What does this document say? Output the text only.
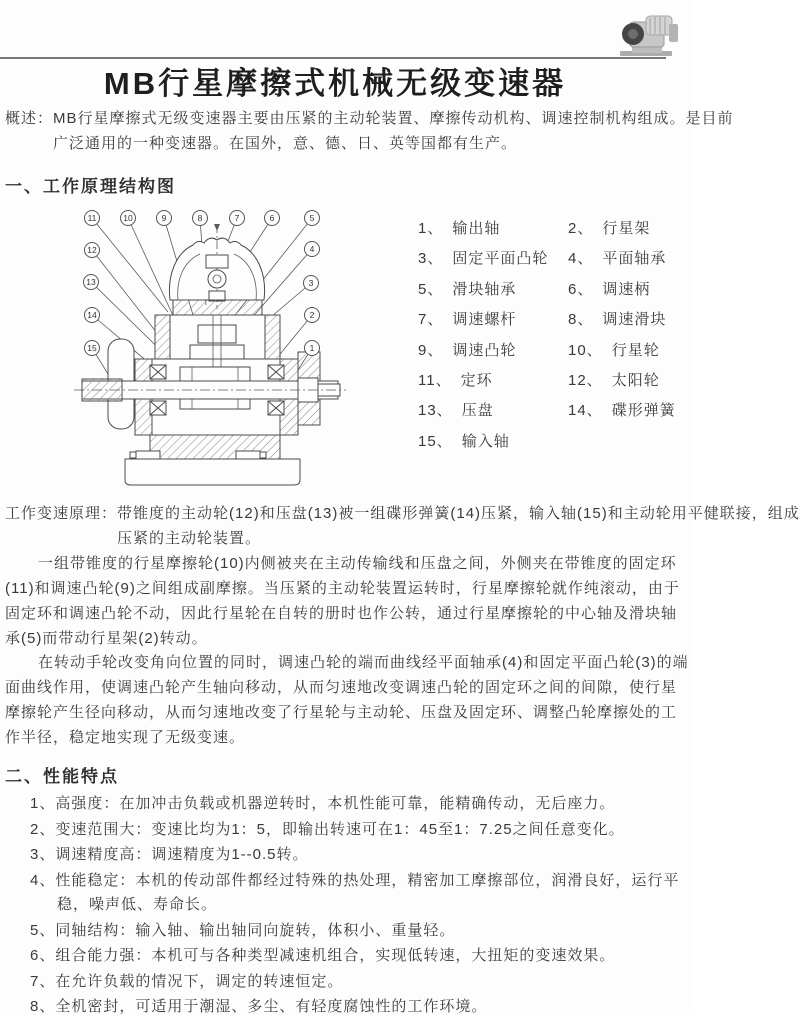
MB行星摩擦式机械无级变速器

概述：MB行星摩擦式无级变速器主要由压紧的主动轮装置、摩擦传动机构、调速控制机构组成。是目前广泛通用的一种变速器。在国外，意、德、日、英等国都有生产。

一、工作原理结构图
1
2
3
4
5
6
7
8
9
10
11
12
13
14
15
1、 输出轴	2、 行星架
3、 固定平面凸轮	4、 平面轴承
5、 滑块轴承	6、 调速柄
7、 调速螺杆	8、 调速滑块
9、 调速凸轮	10、 行星轮
11、 定环	12、 太阳轮
13、 压盘	14、 碟形弹簧
15、 输入轴

工作变速原理：带锥度的主动轮(12)和压盘(13)被一组碟形弹簧(14)压紧，输入轴(15)和主动轮用平健联接，组成压紧的主动轮装置。

一组带锥度的行星摩擦轮(10)内侧被夹在主动传输线和压盘之间，外侧夹在带锥度的固定环(11)和调速凸轮(9)之间组成副摩擦。当压紧的主动轮装置运转时，行星摩擦轮就作纯滚动，由于固定环和调速凸轮不动，因此行星轮在自转的册时也作公转，通过行星摩擦轮的中心轴及滑块轴承(5)而带动行星架(2)转动。

在转动手轮改变角向位置的同时，调速凸轮的端而曲线经平面轴承(4)和固定平面凸轮(3)的端面曲线作用，使调速凸轮产生轴向移动，从而匀速地改变调速凸轮的固定环之间的间隙，使行星摩擦轮产生径向移动，从而匀速地改变了行星轮与主动轮、压盘及固定环、调整凸轮摩擦处的工作半径，稳定地实现了无级变速。

二、性能特点
1、高强度：在加冲击负载或机器逆转时，本机性能可靠，能精确传动，无后座力。
2、变速范围大：变速比均为1：5，即输出转速可在1：45至1：7.25之间任意变化。
3、调速精度高：调速精度为1--0.5转。
4、性能稳定：本机的传动部件都经过特殊的热处理，精密加工摩擦部位，润滑良好，运行平稳，噪声低、寿命长。
5、同轴结构：输入轴、输出轴同向旋转，体积小、重量轻。
6、组合能力强：本机可与各种类型减速机组合，实现低转速，大扭矩的变速效果。
7、在允许负载的情况下，调定的转速恒定。
8、全机密封，可适用于潮湿、多尘、有轻度腐蚀性的工作环境。
